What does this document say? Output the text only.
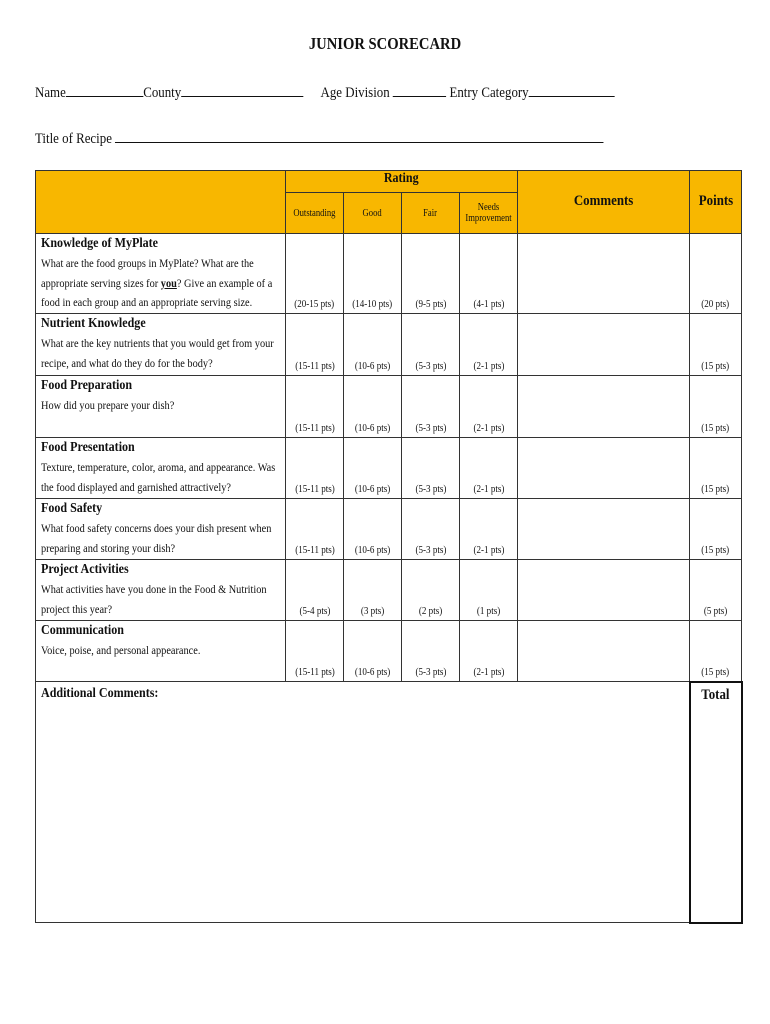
JUNIOR SCORECARD
Name	County	Age Division	Entry Category
Title of Recipe
	Rating				Comments	Points
	Outstanding	Good	Fair	Needs Improvement		

Knowledge of MyPlate
What are the food groups in MyPlate? What are the appropriate serving sizes for you? Give an example of a food in each group and an appropriate serving size.	(20-15 pts)	(14-10 pts)	(9-5 pts)	(4-1 pts)		(20 pts)

Nutrient Knowledge
What are the key nutrients that you would get from your recipe, and what do they do for the body?	(15-11 pts)	(10-6 pts)	(5-3 pts)	(2-1 pts)		(15 pts)

Food Preparation
How did you prepare your dish?	(15-11 pts)	(10-6 pts)	(5-3 pts)	(2-1 pts)		(15 pts)

Food Presentation
Texture, temperature, color, aroma, and appearance. Was the food displayed and garnished attractively?	(15-11 pts)	(10-6 pts)	(5-3 pts)	(2-1 pts)		(15 pts)

Food Safety
What food safety concerns does your dish present when preparing and storing your dish?	(15-11 pts)	(10-6 pts)	(5-3 pts)	(2-1 pts)		(15 pts)

Project Activities
What activities have you done in the Food & Nutrition project this year?	(5-4 pts)	(3 pts)	(2 pts)	(1 pts)		(5 pts)

Communication
Voice, poise, and personal appearance.	(15-11 pts)	(10-6 pts)	(5-3 pts)	(2-1 pts)		(15 pts)

Additional Comments:						Total
